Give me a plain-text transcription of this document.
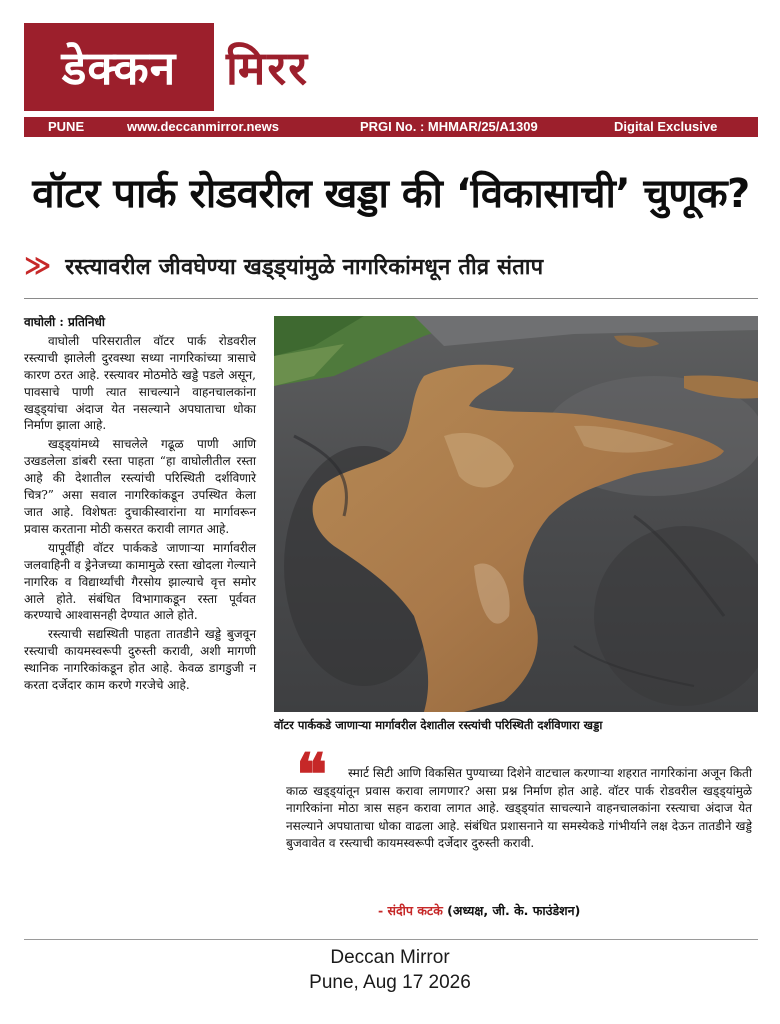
डेक्कन	मिरर
PUNE	www.deccanmirror.news	PRGI No. : MHMAR/25/A1309	Digital Exclusive
वॉटर पार्क रोडवरील खड्डा की ‘विकासाची’ चुणूक?
≫ रस्त्यावरील जीवघेण्या खड्ड्यांमुळे नागरिकांमधून तीव्र संताप

वाघोली : प्रतिनिधी

वाघोली परिसरातील वॉटर पार्क रोडवरील रस्त्याची झालेली दुरवस्था सध्या नागरिकांच्या त्रासाचे कारण ठरत आहे. रस्त्यावर मोठमोठे खड्डे पडले असून, पावसाचे पाणी त्यात साचल्याने वाहनचालकांना खड्ड्यांचा अंदाज येत नसल्याने अपघाताचा धोका निर्माण झाला आहे.

खड्ड्यांमध्ये साचलेले गढूळ पाणी आणि उखडलेला डांबरी रस्ता पाहता “हा वाघोलीतील रस्ता आहे की देशातील रस्त्यांची परिस्थिती दर्शविणारे चित्र?” असा सवाल नागरिकांकडून उपस्थित केला जात आहे. विशेषतः दुचाकीस्वारांना या मार्गावरून प्रवास करताना मोठी कसरत करावी लागत आहे.

यापूर्वीही वॉटर पार्ककडे जाणाऱ्या मार्गावरील जलवाहिनी व ड्रेनेजच्या कामामुळे रस्ता खोदला गेल्याने नागरिक व विद्यार्थ्यांची गैरसोय झाल्याचे वृत्त समोर आले होते. संबंधित विभागाकडून रस्ता पूर्ववत करण्याचे आश्वासनही देण्यात आले होते.

रस्त्याची सद्यस्थिती पाहता तातडीने खड्डे बुजवून रस्त्याची कायमस्वरूपी दुरुस्ती करावी, अशी मागणी स्थानिक नागरिकांकडून होत आहे. केवळ डागडुजी न करता दर्जेदार काम करणे गरजेचे आहे.

वॉटर पार्ककडे जाणाऱ्या मार्गावरील देशातील रस्त्यांची परिस्थिती दर्शविणारा खड्डा
❝	स्मार्ट सिटी आणि विकसित पुण्याच्या दिशेने वाटचाल करणाऱ्या शहरात नागरिकांना अजून किती काळ खड्ड्यांतून प्रवास करावा लागणार? असा प्रश्न निर्माण होत आहे. वॉटर पार्क रोडवरील खड्ड्यांमुळे नागरिकांना मोठा त्रास सहन करावा लागत आहे. खड्ड्यांत साचल्याने वाहनचालकांना रस्त्याचा अंदाज येत नसल्याने अपघाताचा धोका वाढला आहे. संबंधित प्रशासनाने या समस्येकडे गांभीर्याने लक्ष देऊन तातडीने खड्डे बुजवावेत व रस्त्याची कायमस्वरूपी दर्जेदार दुरुस्ती करावी.
- संदीप कटके (अध्यक्ष, जी. के. फाउंडेशन)
Deccan Mirror
Pune, Aug 17 2026
